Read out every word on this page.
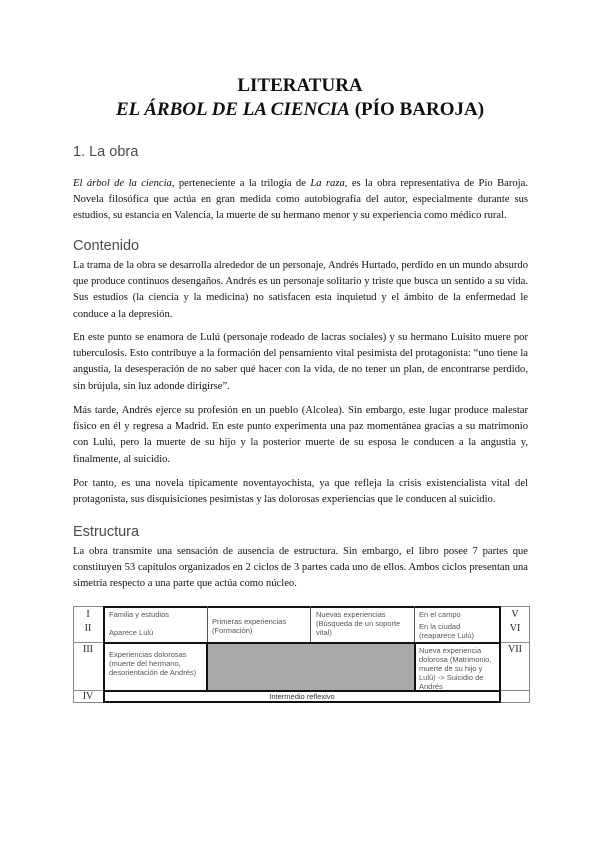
LITERATURA
EL ÁRBOL DE LA CIENCIA (PÍO BAROJA)
1. La obra

El árbol de la ciencia, perteneciente a la trilogía de La raza, es la obra representativa de Pío Baroja. Novela filosófica que actúa en gran medida como autobiografía del autor, especialmente durante sus estudios, su estancia en Valencia, la muerte de su hermano menor y su experiencia como médico rural.

Contenido

La trama de la obra se desarrolla alrededor de un personaje, Andrés Hurtado, perdido en un mundo absurdo que produce continuos desengaños. Andrés es un personaje solitario y triste que busca un sentido a su vida. Sus estudios (la ciencia y la medicina) no satisfacen esta inquietud y el ámbito de la enfermedad le conduce a la depresión.

En este punto se enamora de Lulú (personaje rodeado de lacras sociales) y su hermano Luisito muere por tuberculosis. Esto contribuye a la formación del pensamiento vital pesimista del protagonista: “uno tiene la angustia, la desesperación de no saber qué hacer con la vida, de no tener un plan, de encontrarse perdido, sin brújula, sin luz adonde dirigirse”.

Más tarde, Andrés ejerce su profesión en un pueblo (Alcolea). Sin embargo, este lugar produce malestar físico en él y regresa a Madrid. En este punto experimenta una paz momentánea gracias a su matrimonio con Lulú, pero la muerte de su hijo y la posterior muerte de su esposa le conducen a la angustia y, finalmente, al suicidio.

Por tanto, es una novela típicamente noventayochista, ya que refleja la crisis existencialista vital del protagonista, sus disquisiciones pesimistas y las dolorosas experiencias que le conducen al suicidio.

Estructura

La obra transmite una sensación de ausencia de estructura. Sin embargo, el libro posee 7 partes que constituyen 53 capítulos organizados en 2 ciclos de 3 partes cada uno de ellos. Ambos ciclos presentan una simetría respecto a una parte que actúa como núcleo.

I
II
III
IV
V
VI
VII
Familia y estudios
Aparece Lulú
Primeras experiencias (Formación)
Nuevas experiencias (Búsqueda de un soporte vital)
En el campo
En la ciudad (reaparece Lulú)
Experiencias dolorosas (muerte del hermano, desorientación de Andrés)
Nueva experiencia dolorosa (Matrimonio, muerte de su hijo y Lulú) -> Suicidio de Andrés
Intermedio reflexivo
